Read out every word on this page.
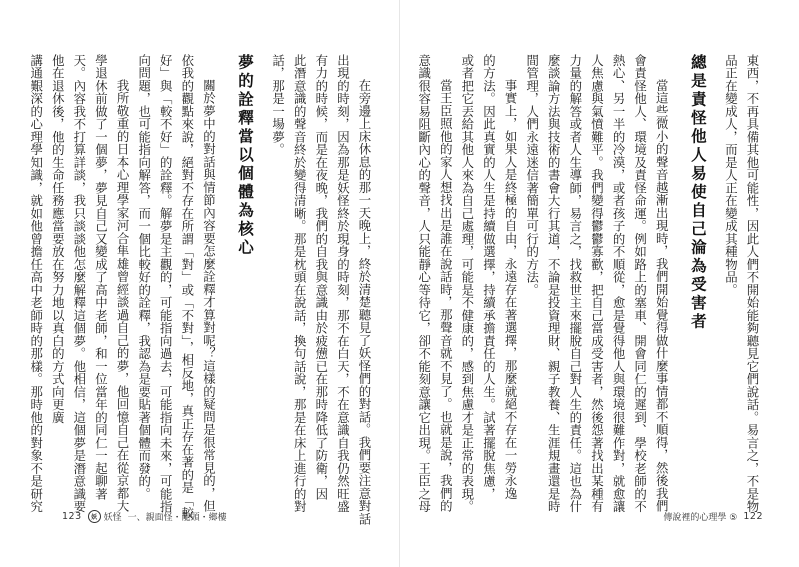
東西，不再具備其他可能性，因此人們不開始能夠聽見它們說話。易言之，不是物

品正在變成人，而是人正在變成其種物品。

總是責怪他人易使自己淪為受害者

當這些微小的聲音越漸出現時，我們開始覺得做什麼事情都不順得，然後我們

會責怪他人、環境及責怪命運。例如路上的塞車、開會同仁的遲到、學校老師的不

熱心、另一半的冷漠，或者孩子的不順從，愈是覺得他人與環境很難作對，就愈讓

人焦慮與氣憤難平。我們變得鬱鬱寡歡，把自己當成受害者，然後怨著找出某種有

力量的解答或者人生導師，易言之，找救世主來擺脫自己對人生的責任。這也為什

麼談論方法與技術的書會大行其道，不論是投資理財、親子教養、生涯規畫還是時

間管理，人們永遠迷信著簡單可行的方法。

事實上，如果人是終極的自由，永遠存在著選擇，那麼就絕不存在一勞永逸

的方法。因此真實的人生是持續做選擇，持續承擔責任的人生。試著擺脫焦慮，

或者把它丟給其他人來為自己處理，可能是不健康的，感到焦慮才是正常的表現。

當王臣照他的家人想找出是誰在說話時，那聲音就不見了。也就是說，我們的

意識很容易阻斷內心的聲音，人只能靜心等待它，卻不能刻意讓它出現。王臣之母

傳說裡的心理學 ⑤ 122

在旁邊上床休息的那一天晚上，終於清楚聽見了妖怪們的對話。我們要注意對話

出現的時刻，因為那是妖怪終於現身的時刻，那不在白天，不在意識自我仍然旺盛

有力的時候，而是在夜晚，我們的自我與意識由於疲憊已在那時降低了防衛，因

此潛意識的聲音終於變得清晰。那是枕頭在說話，換句話說，那是在床上進行的對

話，那是一場夢。

夢的詮釋當以個體為核心

關於夢中的對話與情節內容要怎麼詮釋才算對呢？這樣的疑問是很常見的，但

依我的觀點來說，絕對不存在所謂「對」或「不對」，相反地，真正存在著的是「較

好」與「較不好」的詮釋。解夢是主觀的，可能指向過去，可能指向未來，可能指

向問題，也可能指向解答，而一個比較好的詮釋，我認為是要貼著個體而發的。

我所敬重的日本心理學家河合隼雄曾經談過自己的夢，他回憶自己在從京都大

學退休前做了一個夢，夢見自己又變成了高中老師，和一位當年的同仁一起聊著

天。內容我不打算詳談，我只談談他怎麼解釋這個夢。他相信，這個夢是潛意識要

他在退休後，他的生命任務應當要放在努力地以真白的方式向更廣

講通艱深的心理學知識，就如他曾擔任高中老師時的那樣。那時他的對象不是研究

123	妖 妖怪 一、親面怪・龍頭・鄉樓
